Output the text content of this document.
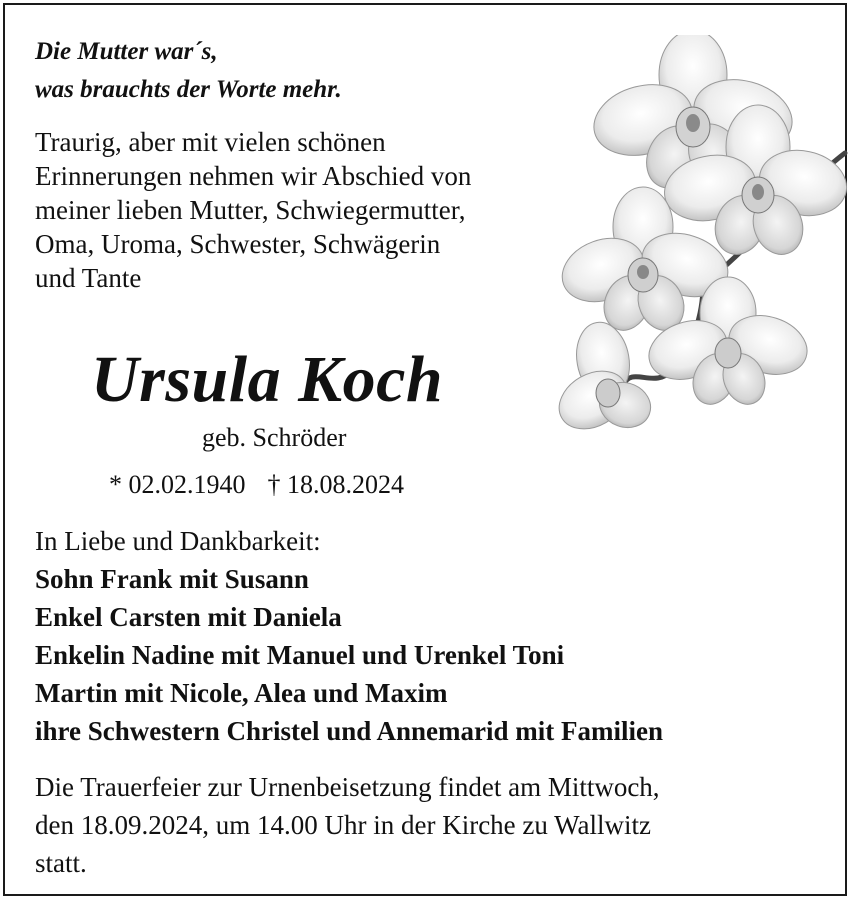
Die Mutter war´s,
was brauchts der Worte mehr.
Traurig, aber mit vielen schönen
Erinnerungen nehmen wir Abschied von
meiner lieben Mutter, Schwiegermutter,
Oma, Uroma, Schwester, Schwägerin
und Tante
Ursula Koch
geb. Schröder
* 02.02.1940 † 18.08.2024
In Liebe und Dankbarkeit:
Sohn Frank mit Susann
Enkel Carsten mit Daniela
Enkelin Nadine mit Manuel und Urenkel Toni
Martin mit Nicole, Alea und Maxim
ihre Schwestern Christel und Annemarid mit Familien
Die Trauerfeier zur Urnenbeisetzung findet am Mittwoch,
den 18.09.2024, um 14.00 Uhr in der Kirche zu Wallwitz
statt.
